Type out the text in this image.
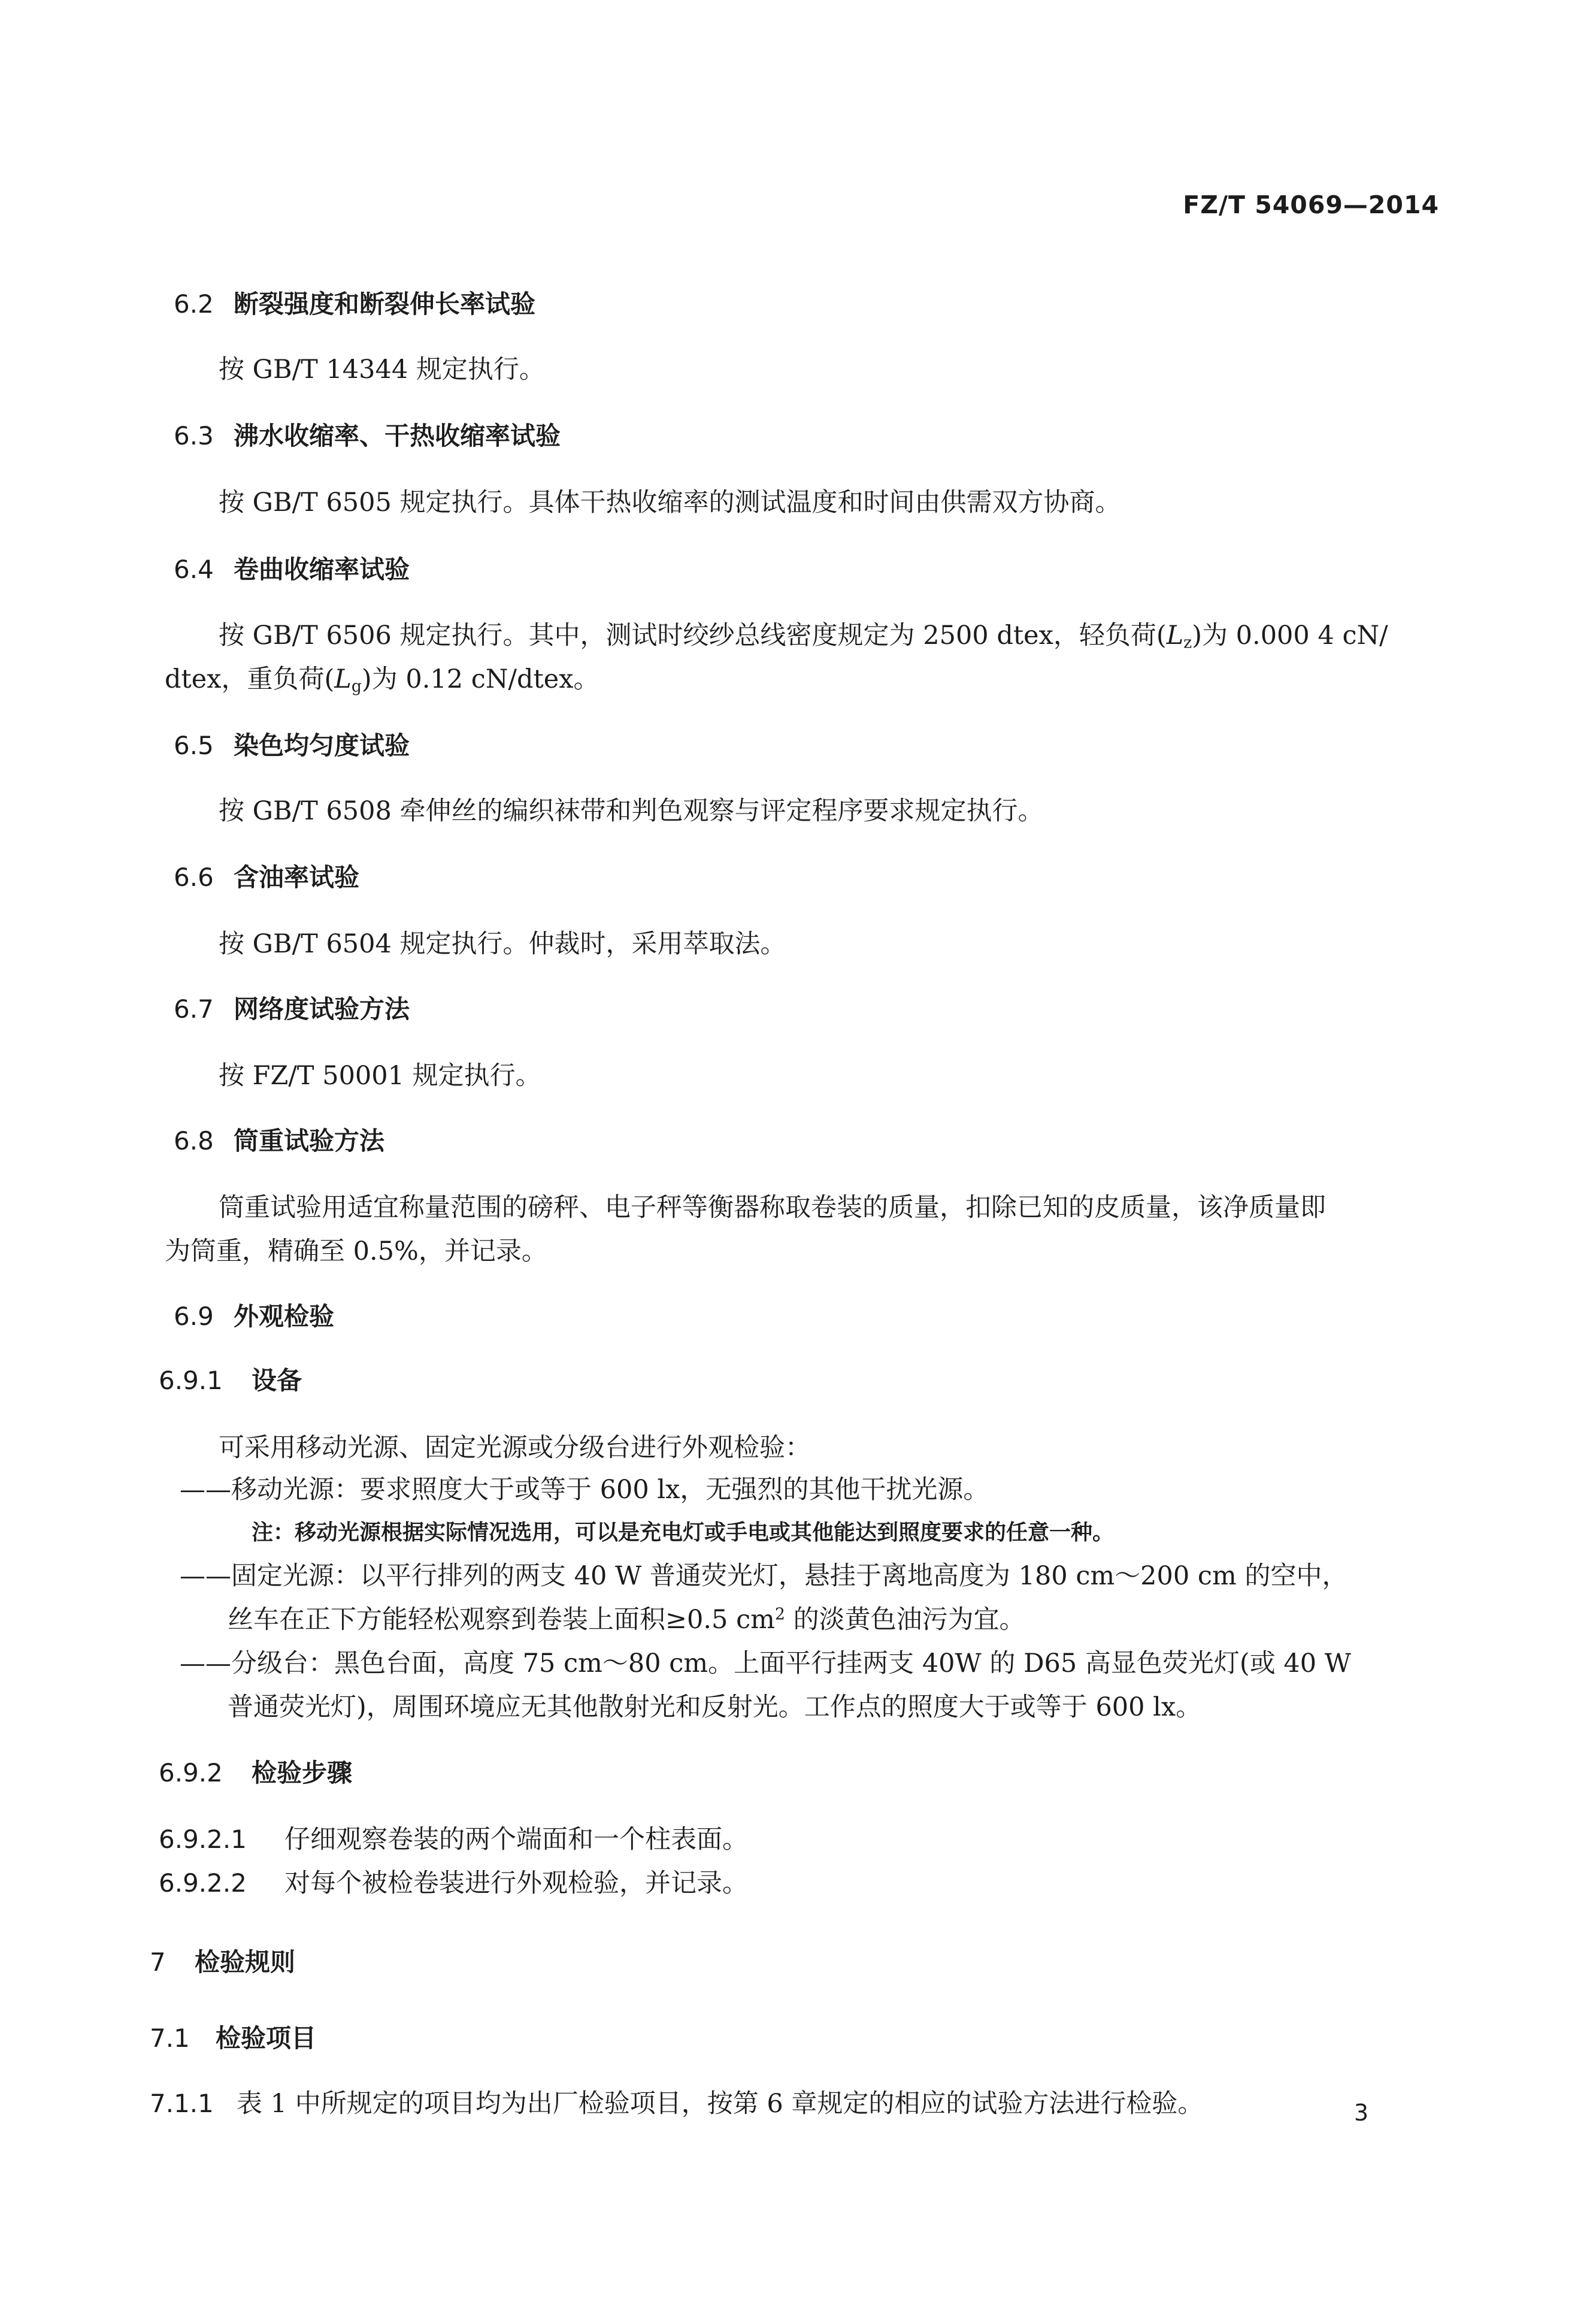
FZ/T 54069—2014
6.2 断裂强度和断裂伸长率试验
按 GB/T 14344 规定执行。
6.3 沸水收缩率、干热收缩率试验
按 GB/T 6505 规定执行。具体干热收缩率的测试温度和时间由供需双方协商。
6.4 卷曲收缩率试验
按 GB/T 6506 规定执行。其中，测试时绞纱总线密度规定为 2500 dtex，轻负荷$(L_z)$为 0.000 4 cN/
dtex，重负荷$(L_g)$为 0.12 cN/dtex。
6.5 染色均匀度试验
按 GB/T 6508 牵伸丝的编织袜带和判色观察与评定程序要求规定执行。
6.6 含油率试验
按 GB/T 6504 规定执行。仲裁时，采用萃取法。
6.7 网络度试验方法
按 FZ/T 50001 规定执行。
6.8 筒重试验方法
筒重试验用适宜称量范围的磅秤、电子秤等衡器称取卷装的质量，扣除已知的皮质量，该净质量即
为筒重，精确至 0.5%，并记录。
6.9 外观检验
6.9.1 设备
可采用移动光源、固定光源或分级台进行外观检验：
——移动光源：要求照度大于或等于 600 lx，无强烈的其他干扰光源。
注：移动光源根据实际情况选用，可以是充电灯或手电或其他能达到照度要求的任意一种。
——固定光源：以平行排列的两支 40 W 普通荧光灯，悬挂于离地高度为 180 cm～200 cm 的空中，
丝车在正下方能轻松观察到卷装上面积≥0.5 $cm^2$ 的淡黄色油污为宜。
——分级台：黑色台面，高度 75 cm～80 cm。上面平行挂两支 40W 的 D65 高显色荧光灯(或 40 W
普通荧光灯)，周围环境应无其他散射光和反射光。工作点的照度大于或等于 600 lx。
6.9.2 检验步骤
6.9.2.1 仔细观察卷装的两个端面和一个柱表面。
6.9.2.2 对每个被检卷装进行外观检验，并记录。
7 检验规则
7.1 检验项目
7.1.1 表 1 中所规定的项目均为出厂检验项目，按第 6 章规定的相应的试验方法进行检验。	3
